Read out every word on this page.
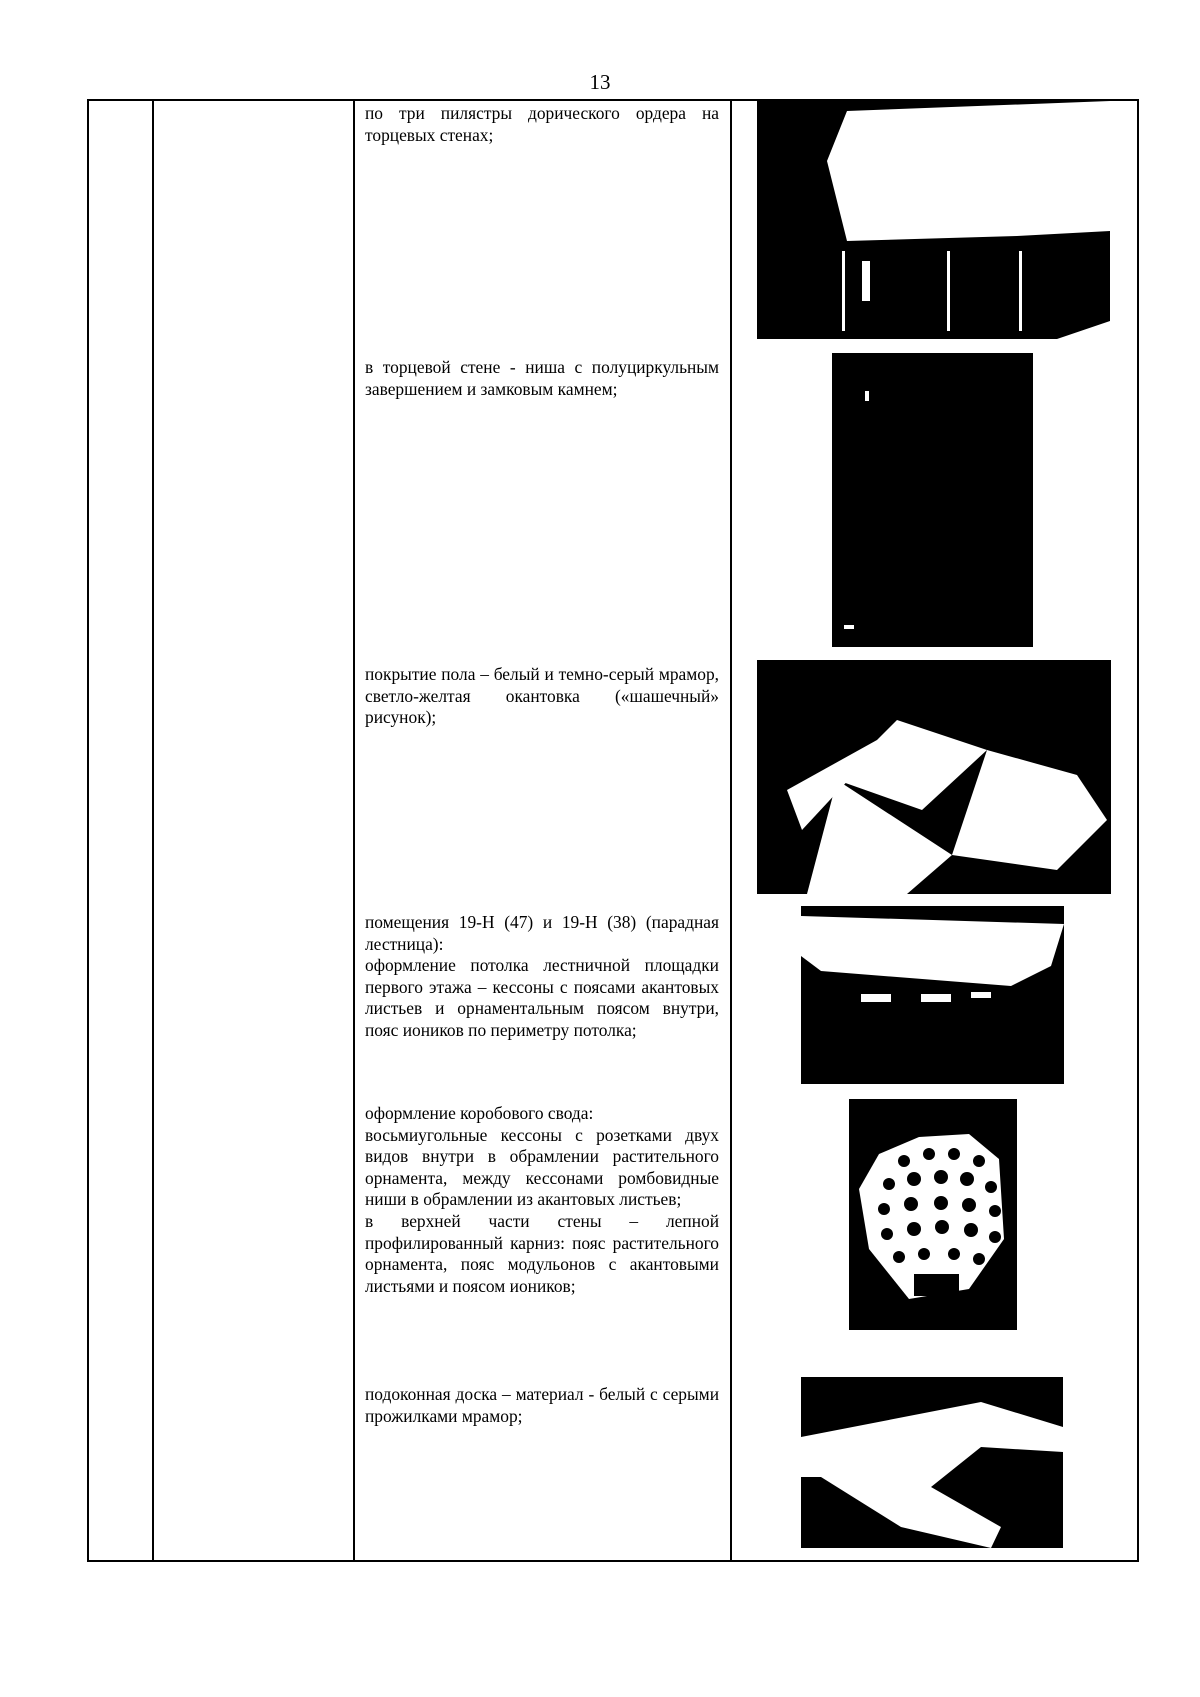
13

по три пилястры дорического ордера на торцевых стенах;

в торцевой стене - ниша с полуциркульным завершением и замковым камнем;

покрытие пола – белый и темно-серый мрамор, светло-желтая окантовка («шашечный» рисунок);

помещения 19-Н (47) и 19-Н (38) (парадная лестница):

оформление потолка лестничной площадки первого этажа – кессоны с поясами акантовых листьев и орнаментальным поясом внутри, пояс иоников по периметру потолка;

оформление коробового свода:

восьмиугольные кессоны с розетками двух видов внутри в обрамлении растительного орнамента, между кессонами ромбовидные ниши в обрамлении из акантовых листьев;

в верхней части стены – лепной профилированный карниз: пояс растительного орнамента, пояс модульонов с акантовыми листьями и поясом иоников;

подоконная доска – материал - белый с серыми прожилками мрамор;
